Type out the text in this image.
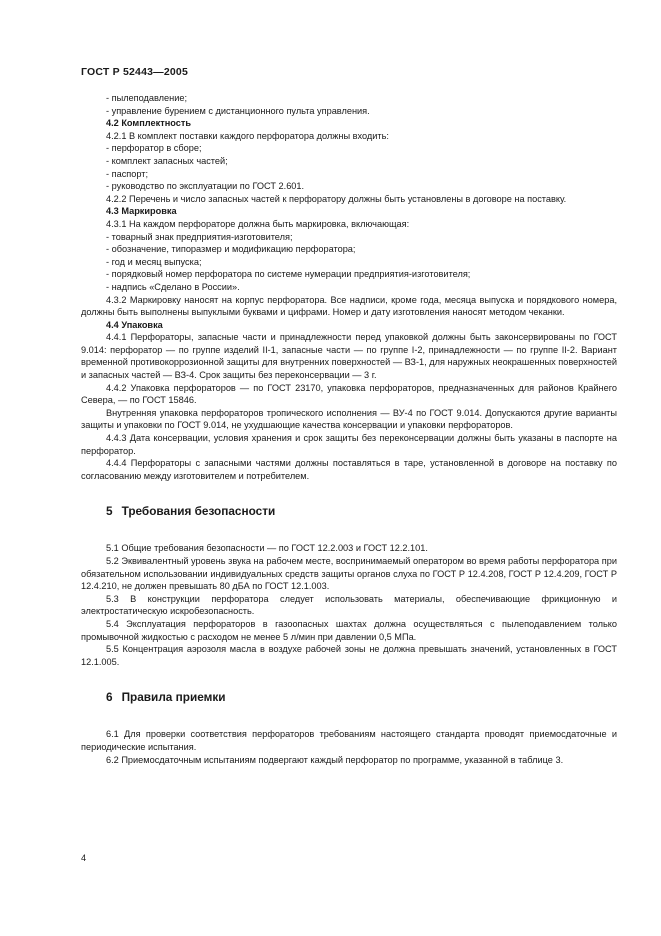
ГОСТ Р 52443—2005

- пылеподавление;

- управление бурением с дистанционного пульта управления.

4.2 Комплектность

4.2.1 В комплект поставки каждого перфоратора должны входить:

- перфоратор в сборе;

- комплект запасных частей;

- паспорт;

- руководство по эксплуатации по ГОСТ 2.601.

4.2.2 Перечень и число запасных частей к перфоратору должны быть установлены в договоре на поставку.

4.3 Маркировка

4.3.1 На каждом перфораторе должна быть маркировка, включающая:

- товарный знак предприятия-изготовителя;

- обозначение, типоразмер и модификацию перфоратора;

- год и месяц выпуска;

- порядковый номер перфоратора по системе нумерации предприятия-изготовителя;

- надпись «Сделано в России».

4.3.2 Маркировку наносят на корпус перфоратора. Все надписи, кроме года, месяца выпуска и порядкового номера, должны быть выполнены выпуклыми буквами и цифрами. Номер и дату изготовления наносят методом чеканки.

4.4 Упаковка

4.4.1 Перфораторы, запасные части и принадлежности перед упаковкой должны быть законсервированы по ГОСТ 9.014: перфоратор — по группе изделий II-1, запасные части — по группе I-2, принадлежности — по группе II-2. Вариант временной противокоррозионной защиты для внутренних поверхностей — ВЗ-1, для наружных неокрашенных поверхностей и запасных частей — ВЗ-4. Срок защиты без переконсервации — 3 г.

4.4.2 Упаковка перфораторов — по ГОСТ 23170, упаковка перфораторов, предназначенных для районов Крайнего Севера, — по ГОСТ 15846.

Внутренняя упаковка перфораторов тропического исполнения — ВУ-4 по ГОСТ 9.014. Допускаются другие варианты защиты и упаковки по ГОСТ 9.014, не ухудшающие качества консервации и упаковки перфораторов.

4.4.3 Дата консервации, условия хранения и срок защиты без переконсервации должны быть указаны в паспорте на перфоратор.

4.4.4 Перфораторы с запасными частями должны поставляться в таре, установленной в договоре на поставку по согласованию между изготовителем и потребителем.

5 Требования безопасности

5.1 Общие требования безопасности — по ГОСТ 12.2.003 и ГОСТ 12.2.101.

5.2 Эквивалентный уровень звука на рабочем месте, воспринимаемый оператором во время работы перфоратора при обязательном использовании индивидуальных средств защиты органов слуха по ГОСТ Р 12.4.208, ГОСТ Р 12.4.209, ГОСТ Р 12.4.210, не должен превышать 80 дБА по ГОСТ 12.1.003.

5.3 В конструкции перфоратора следует использовать материалы, обеспечивающие фрикционную и электростатическую искробезопасность.

5.4 Эксплуатация перфораторов в газоопасных шахтах должна осуществляться с пылеподавлением только промывочной жидкостью с расходом не менее 5 л/мин при давлении 0,5 МПа.

5.5 Концентрация аэрозоля масла в воздухе рабочей зоны не должна превышать значений, установленных в ГОСТ 12.1.005.

6 Правила приемки

6.1 Для проверки соответствия перфораторов требованиям настоящего стандарта проводят приемосдаточные и периодические испытания.

6.2 Приемосдаточным испытаниям подвергают каждый перфоратор по программе, указанной в таблице 3.

4
